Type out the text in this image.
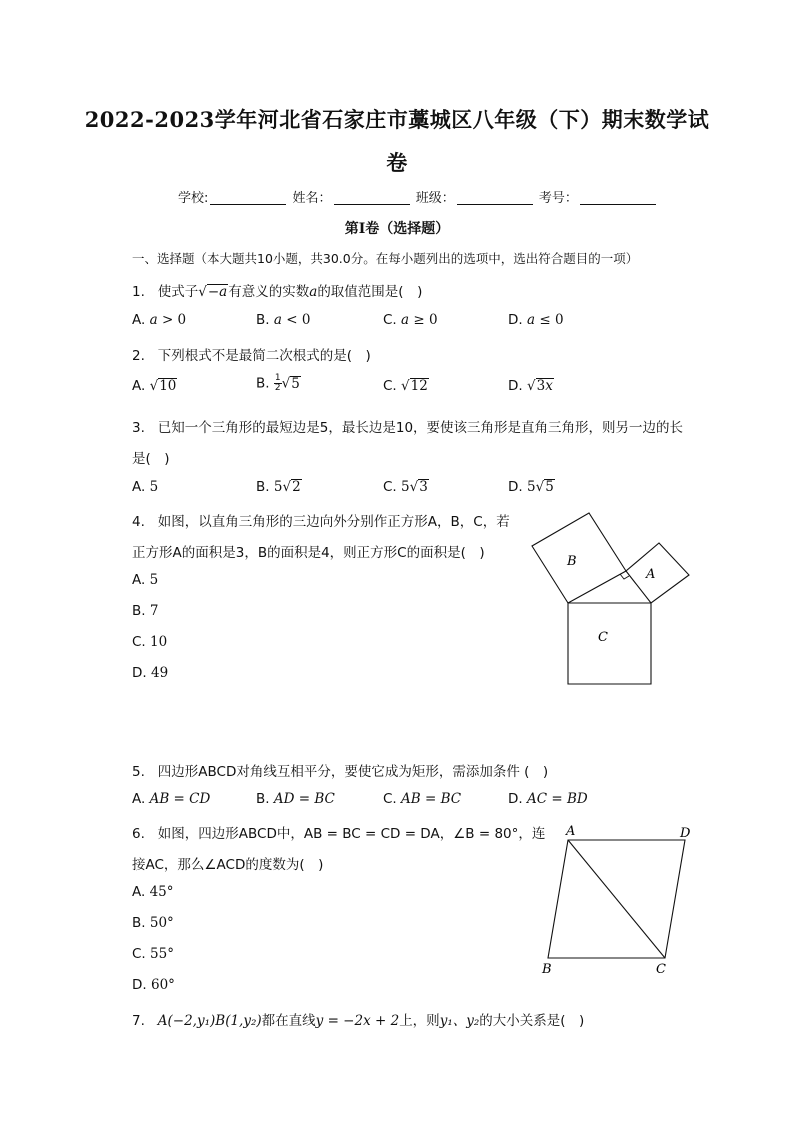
2022-2023学年河北省石家庄市藁城区八年级（下）期末数学试
卷
学校:	姓名：	班级：	考号：
第I卷（选择题）
一、选择题（本大题共10小题，共30.0分。在每小题列出的选项中，选出符合题目的一项）
1. 使式子√−a有意义的实数a的取值范围是(　)
A. a > 0	B. a < 0	C. a ≥ 0	D. a ≤ 0
2. 下列根式不是最简二次根式的是(　)
A. √10	B. $\frac{1}{2} √5$	C. √12	D. √3x
3. 已知一个三角形的最短边是5，最长边是10，要使该三角形是直角三角形，则另一边的长
是(　)
A. 5	B. 5√2	C. 5√3	D. 5√5
4. 如图，以直角三角形的三边向外分别作正方形A，B，C，若
正方形A的面积是3，B的面积是4，则正方形C的面积是(　)
A. 5
B. 7
C. 10
D. 49
B
A
C
5. 四边形ABCD对角线互相平分，要使它成为矩形，需添加条件 (　)
A. AB = CD	B. AD = BC	C. AB = BC	D. AC = BD
6. 如图，四边形ABCD中，AB = BC = CD = DA，∠B = 80°，连
接AC，那么∠ACD的度数为(　)
A. 45°
B. 50°
C. 55°
D. 60°
A	D
B	C
7. A(−2,y₁)B(1,y₂)都在直线y = −2x + 2上，则y₁、y₂的大小关系是(　)
